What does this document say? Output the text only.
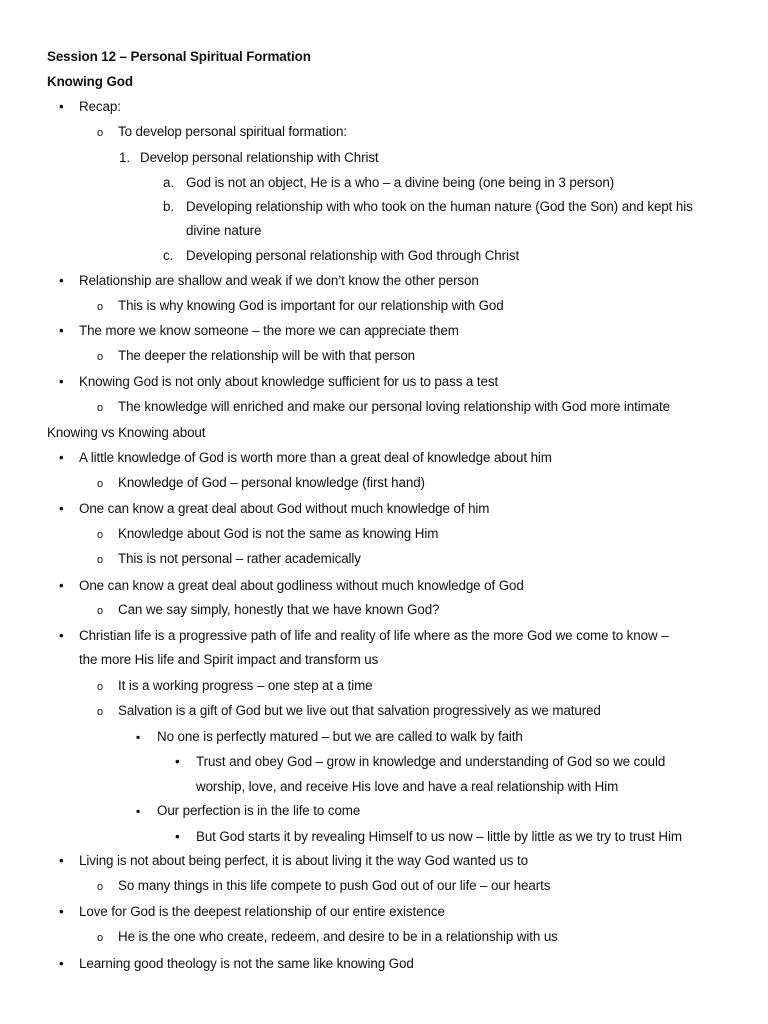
Session 12 – Personal Spiritual Formation
Knowing God
•
Recap:
o
To develop personal spiritual formation:
1. Develop personal relationship with Christ
a. God is not an object, He is a who – a divine being (one being in 3 person)
b. Developing relationship with who took on the human nature (God the Son) and kept his
divine nature
c. Developing personal relationship with God through Christ
•
Relationship are shallow and weak if we don’t know the other person
o
This is why knowing God is important for our relationship with God
•
The more we know someone – the more we can appreciate them
o
The deeper the relationship will be with that person
•
Knowing God is not only about knowledge sufficient for us to pass a test
o
The knowledge will enriched and make our personal loving relationship with God more intimate
Knowing vs Knowing about
•
A little knowledge of God is worth more than a great deal of knowledge about him
o
Knowledge of God – personal knowledge (first hand)
•
One can know a great deal about God without much knowledge of him
o
Knowledge about God is not the same as knowing Him
o
This is not personal – rather academically
•
One can know a great deal about godliness without much knowledge of God
o
Can we say simply, honestly that we have known God?
•
Christian life is a progressive path of life and reality of life where as the more God we come to know –
the more His life and Spirit impact and transform us
o
It is a working progress – one step at a time
o
Salvation is a gift of God but we live out that salvation progressively as we matured
▪
No one is perfectly matured – but we are called to walk by faith
•
Trust and obey God – grow in knowledge and understanding of God so we could
worship, love, and receive His love and have a real relationship with Him
▪
Our perfection is in the life to come
•
But God starts it by revealing Himself to us now – little by little as we try to trust Him
•
Living is not about being perfect, it is about living it the way God wanted us to
o
So many things in this life compete to push God out of our life – our hearts
•
Love for God is the deepest relationship of our entire existence
o
He is the one who create, redeem, and desire to be in a relationship with us
•
Learning good theology is not the same like knowing God
